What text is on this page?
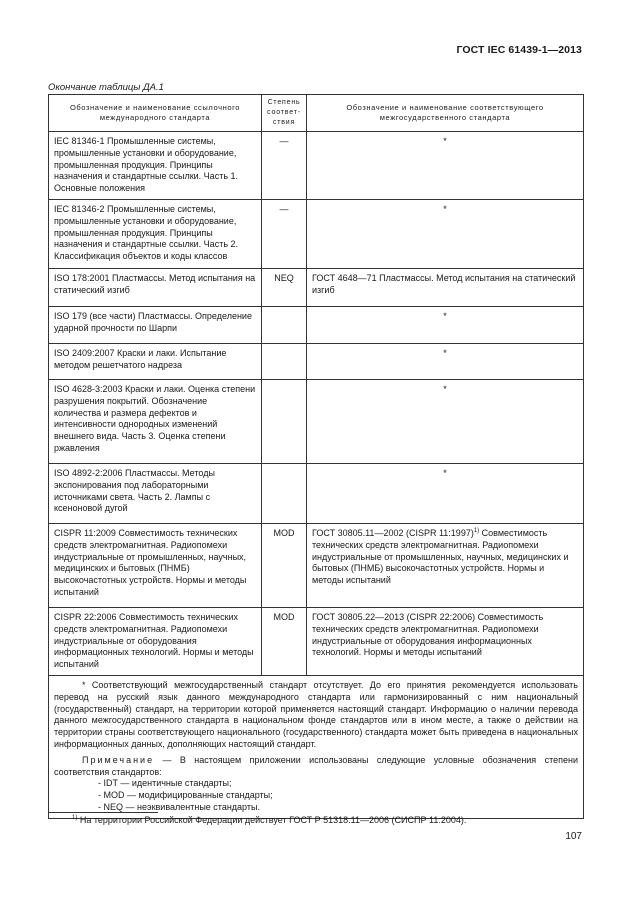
ГОСТ IEC 61439-1—2013
Окончание таблицы ДА.1
Обозначение и наименование ссылочного международного стандарта	Степень соответ-ствия	Обозначение и наименование соответствующего межгосударственного стандарта
IEC 81346-1 Промышленные системы, промышленные установки и оборудование, промышленная продукция. Принципы назначения и стандартные ссылки. Часть 1. Основные положения	—	*
IEC 81346-2 Промышленные системы, промышленные установки и оборудование, промышленная продукция. Принципы назначения и стандартные ссылки. Часть 2. Классификация объектов и коды классов	—	*
ISO 178:2001 Пластмассы. Метод испытания на статический изгиб	NEQ	ГОСТ 4648—71 Пластмассы. Метод испытания на статический изгиб
ISO 179 (все части) Пластмассы. Определение ударной прочности по Шарпи		*
ISO 2409:2007 Краски и лаки. Испытание методом решетчатого надреза		*
ISO 4628-3:2003 Краски и лаки. Оценка степени разрушения покрытий. Обозначение количества и размера дефектов и интенсивности однородных изменений внешнего вида. Часть 3. Оценка степени ржавления		*
ISO 4892-2:2006 Пластмассы. Методы экспонирования под лабораторными источниками света. Часть 2. Лампы с ксеноновой дугой		*
CISPR 11:2009 Совместимость технических средств электромагнитная. Радиопомехи индустриальные от промышленных, научных, медицинских и бытовых (ПНМБ) высокочастотных устройств. Нормы и методы испытаний	MOD	ГОСТ 30805.11—2002 (CISPR 11:1997)$^{1)}$ Совместимость технических средств электромагнитная. Радиопомехи индустриальные от промышленных, научных, медицинских и бытовых (ПНМБ) высокочастотных устройств. Нормы и методы испытаний
CISPR 22:2006 Совместимость технических средств электромагнитная. Радиопомехи индустриальные от оборудования информационных технологий. Нормы и методы испытаний	MOD	ГОСТ 30805.22—2013 (CISPR 22:2006) Совместимость технических средств электромагнитная. Радиопомехи индустриальные от оборудования информационных технологий. Нормы и методы испытаний

* Соответствующий межгосударственный стандарт отсутствует. До его принятия рекомендуется использовать перевод на русский язык данного международного стандарта или гармонизированный с ним национальный (государственный) стандарт, на территории которой применяется настоящий стандарт. Информацию о наличии перевода данного межгосударственного стандарта в национальном фонде стандартов или в ином месте, а также о действии на территории страны соответствующего национального (государственного) стандарта может быть приведена в национальных информационных данных, дополняющих настоящий стандарт.

Примечание — В настоящем приложении использованы следующие условные обозначения степени соответствия стандартов:

- IDT — идентичные стандарты;
- MOD — модифицированные стандарты;
- NEQ — неэквивалентные стандарты.		
$^{1)}$ На территории Российской Федерации действует ГОСТ Р 51318.11—2006 (СИСПР 11:2004).
107
